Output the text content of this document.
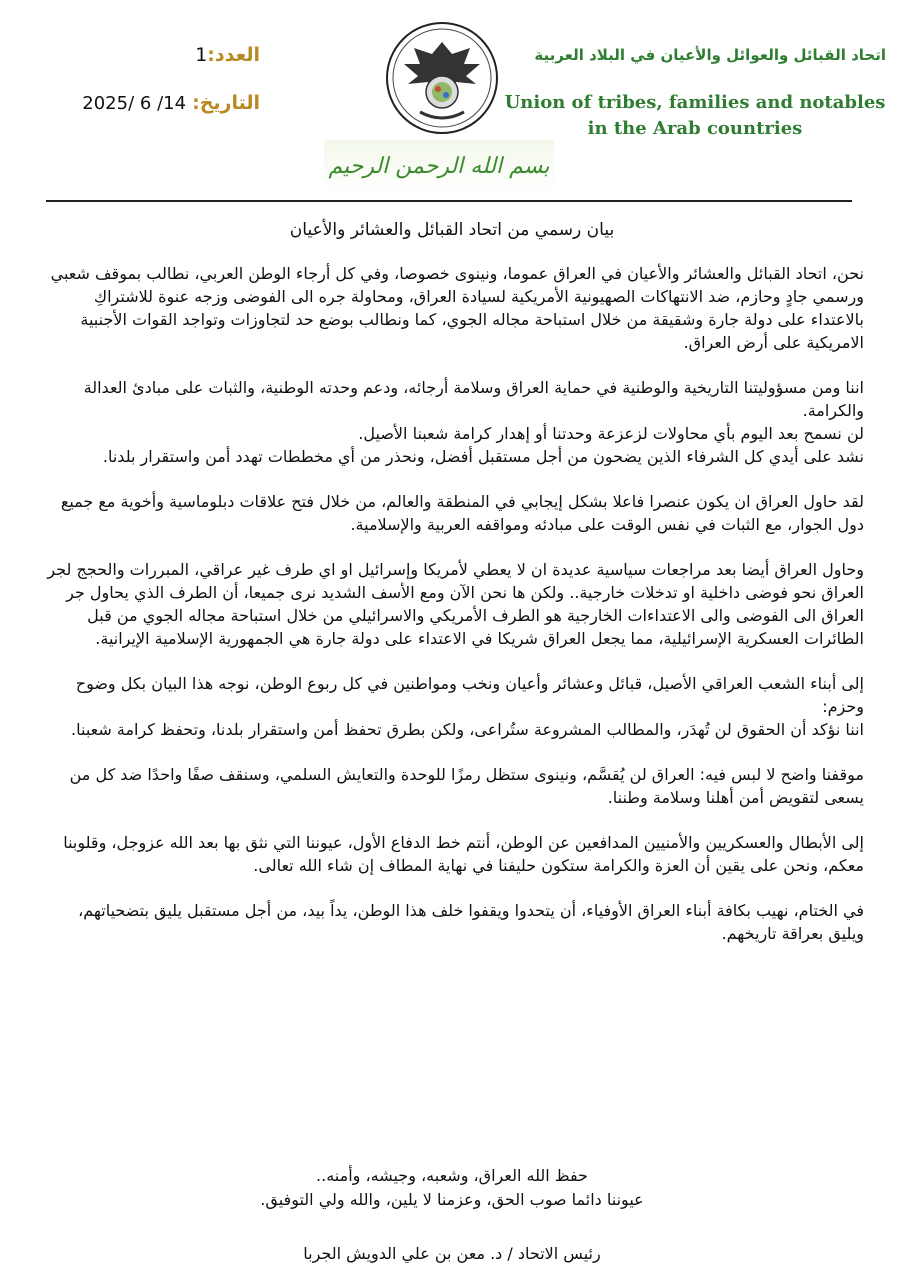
اتحاد القبائل والعوائل والأعيان في البلاد العربية
Union of tribes, families and notables
in the Arab countries
العدد:1
التاريخ: 14/ 6 /2025
بسم الله الرحمن الرحيم
بيان رسمي من اتحاد القبائل والعشائر والأعيان

نحن، اتحاد القبائل والعشائر والأعيان في العراق عموما، ونينوى خصوصا، وفي كل أرجاء الوطن العربي، نطالب بموقف شعبي ورسمي جادٍ وحازم، ضد الانتهاكات الصهيونية الأمريكية لسيادة العراق، ومحاولة جره الى الفوضى وزجه عنوة للاشتراكِ بالاعتداء على دولة جارة وشقيقة من خلال استباحة مجاله الجوي، كما ونطالب بوضع حد لتجاوزات وتواجد القوات الأجنبية الامريكية على أرض العراق.

اننا ومن مسؤوليتنا التاريخية والوطنية في حماية العراق وسلامة أرجائه، ودعم وحدته الوطنية، والثبات على مبادئ العدالة والكرامة.
لن نسمح بعد اليوم بأي محاولات لزعزعة وحدتنا أو إهدار كرامة شعبنا الأصيل.
نشد على أيدي كل الشرفاء الذين يضحون من أجل مستقبل أفضل، ونحذر من أي مخططات تهدد أمن واستقرار بلدنا.

لقد حاول العراق ان يكون عنصرا فاعلا بشكل إيجابي في المنطقة والعالم، من خلال فتح علاقات دبلوماسية وأخوية مع جميع دول الجوار، مع الثبات في نفس الوقت على مبادئه ومواقفه العربية والإسلامية.

وحاول العراق أيضا بعد مراجعات سياسية عديدة ان لا يعطي لأمريكا وإسرائيل او اي طرف غير عراقي، المبررات والحجج لجر العراق نحو فوضى داخلية او تدخلات خارجية.. ولكن ها نحن الآن ومع الأسف الشديد نرى جميعا، أن الطرف الذي يحاول جر العراق الى الفوضى والى الاعتداءات الخارجية هو الطرف الأمريكي والاسرائيلي من خلال استباحة مجاله الجوي من قبل الطائرات العسكرية الإسرائيلية، مما يجعل العراق شريكا في الاعتداء على دولة جارة هي الجمهورية الإسلامية الإيرانية.

إلى أبناء الشعب العراقي الأصيل، قبائل وعشائر وأعيان ونخب ومواطنين في كل ربوع الوطن، نوجه هذا البيان بكل وضوح وحزم:
اننا نؤكد أن الحقوق لن تُهدَر، والمطالب المشروعة ستُراعى، ولكن بطرق تحفظ أمن واستقرار بلدنا، وتحفظ كرامة شعبنا.

موقفنا واضح لا لبس فيه: العراق لن يُقسَّم، ونينوى ستظل رمزًا للوحدة والتعايش السلمي، وسنقف صفًا واحدًا ضد كل من يسعى لتقويض أمن أهلنا وسلامة وطننا.

إلى الأبطال والعسكريين والأمنيين المدافعين عن الوطن، أنتم خط الدفاع الأول، عيوننا التي نثق بها بعد الله عزوجل، وقلوبنا معكم، ونحن على يقين أن العزة والكرامة ستكون حليفنا في نهاية المطاف إن شاء الله تعالى.

في الختام، نهيب بكافة أبناء العراق الأوفياء، أن يتحدوا ويقفوا خلف هذا الوطن، يداً بيد، من أجل مستقبل يليق بتضحياتهم، ويليق بعراقة تاريخهم.

حفظ الله العراق، وشعبه، وجيشه، وأمنه..
عيوننا دائما صوب الحق، وعزمنا لا يلين، والله ولي التوفيق.
رئيس الاتحاد / د. معن بن علي الدويش الجربا
